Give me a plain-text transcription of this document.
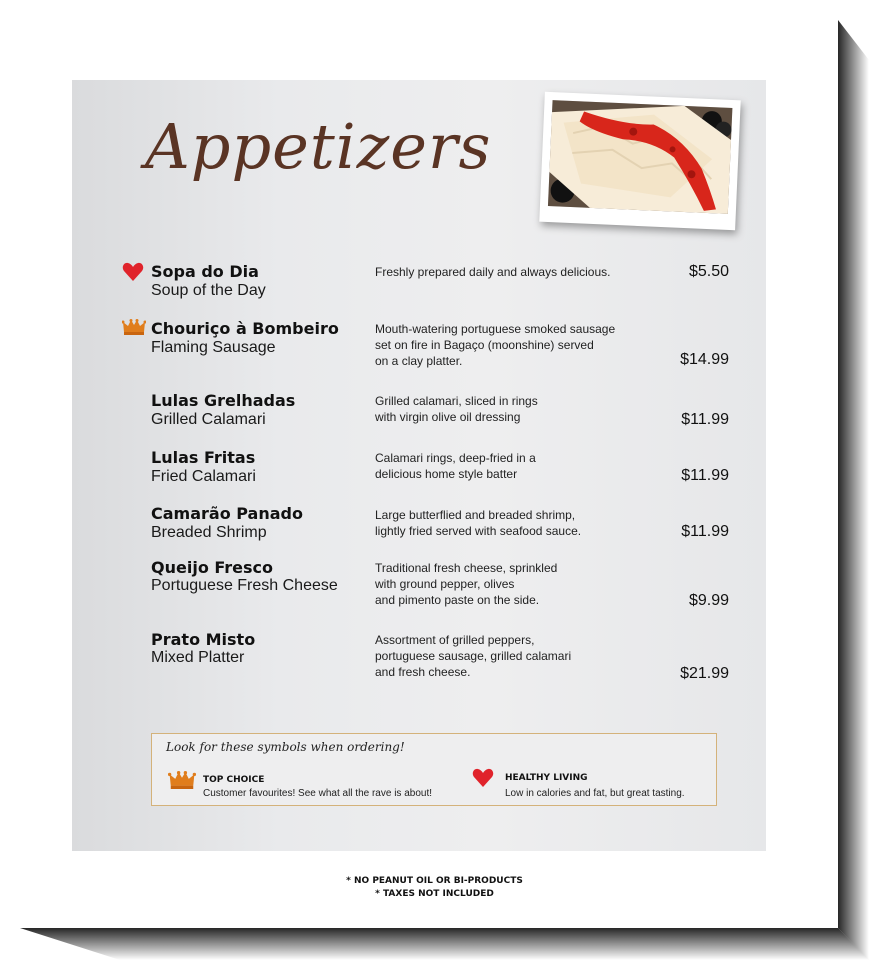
Appetizers
Sopa do Dia
Soup of the Day
Freshly prepared daily and always delicious.	$5.50
Chouriço à Bombeiro
Flaming Sausage
Mouth-watering portuguese smoked sausage
set on fire in Bagaço (moonshine) served
on a clay platter.	$14.99
Lulas Grelhadas
Grilled Calamari
Grilled calamari, sliced in rings
with virgin olive oil dressing	$11.99
Lulas Fritas
Fried Calamari
Calamari rings, deep-fried in a
delicious home style batter	$11.99
Camarão Panado
Breaded Shrimp
Large butterflied and breaded shrimp,
lightly fried served with seafood sauce.	$11.99
Queijo Fresco
Portuguese Fresh Cheese
Traditional fresh cheese, sprinkled
with ground pepper, olives
and pimento paste on the side.	$9.99
Prato Misto
Mixed Platter
Assortment of grilled peppers,
portuguese sausage, grilled calamari
and fresh cheese.	$21.99
Look for these symbols when ordering!
TOP CHOICE
Customer favourites! See what all the rave is about!
HEALTHY LIVING
Low in calories and fat, but great tasting.
* NO PEANUT OIL OR BI-PRODUCTS
* TAXES NOT INCLUDED
